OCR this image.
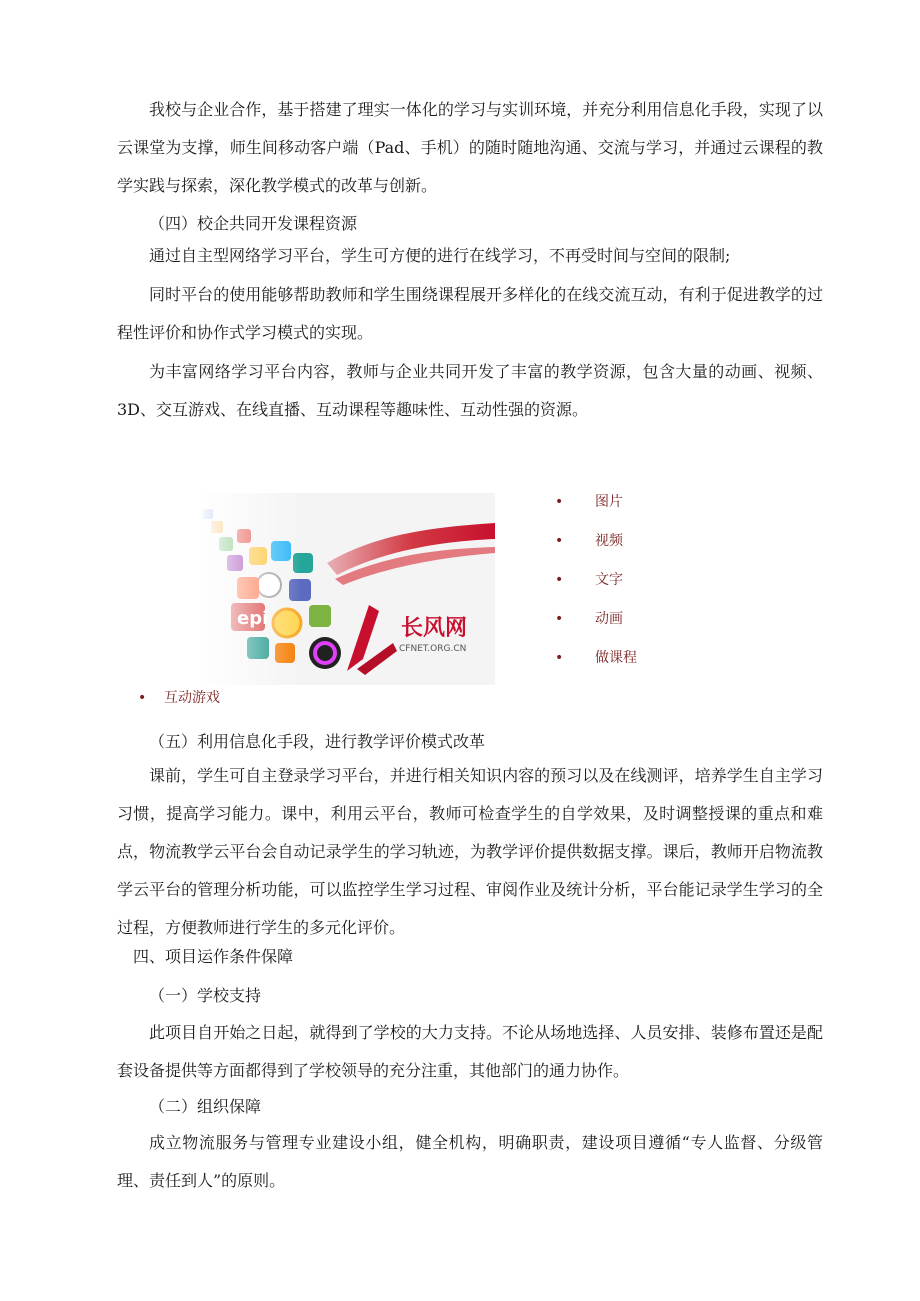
我校与企业合作，基于搭建了理实一体化的学习与实训环境，并充分利用信息化手段，实现了以云课堂为支撑，师生间移动客户端（Pad、手机）的随时随地沟通、交流与学习，并通过云课程的教学实践与探索，深化教学模式的改革与创新。

（四）校企共同开发课程资源

通过自主型网络学习平台，学生可方便的进行在线学习，不再受时间与空间的限制;

同时平台的使用能够帮助教师和学生围绕课程展开多样化的在线交流互动，有利于促进教学的过程性评价和协作式学习模式的实现。

为丰富网络学习平台内容，教师与企业共同开发了丰富的教学资源，包含大量的动画、视频、3D、交互游戏、在线直播、互动课程等趣味性、互动性强的资源。

长风网
CFNET.ORG.CN
• 图片
• 视频
• 文字
• 动画
• 做课程
• 互动游戏

（五）利用信息化手段，进行教学评价模式改革

课前，学生可自主登录学习平台，并进行相关知识内容的预习以及在线测评，培养学生自主学习习惯，提高学习能力。课中，利用云平台，教师可检查学生的自学效果，及时调整授课的重点和难点，物流教学云平台会自动记录学生的学习轨迹，为教学评价提供数据支撑。课后，教师开启物流教学云平台的管理分析功能，可以监控学生学习过程、审阅作业及统计分析，平台能记录学生学习的全过程，方便教师进行学生的多元化评价。

四、项目运作条件保障

（一）学校支持

此项目自开始之日起，就得到了学校的大力支持。不论从场地选择、人员安排、装修布置还是配套设备提供等方面都得到了学校领导的充分注重，其他部门的通力协作。

（二）组织保障

成立物流服务与管理专业建设小组，健全机构，明确职责，建设项目遵循“专人监督、分级管理、责任到人”的原则。
